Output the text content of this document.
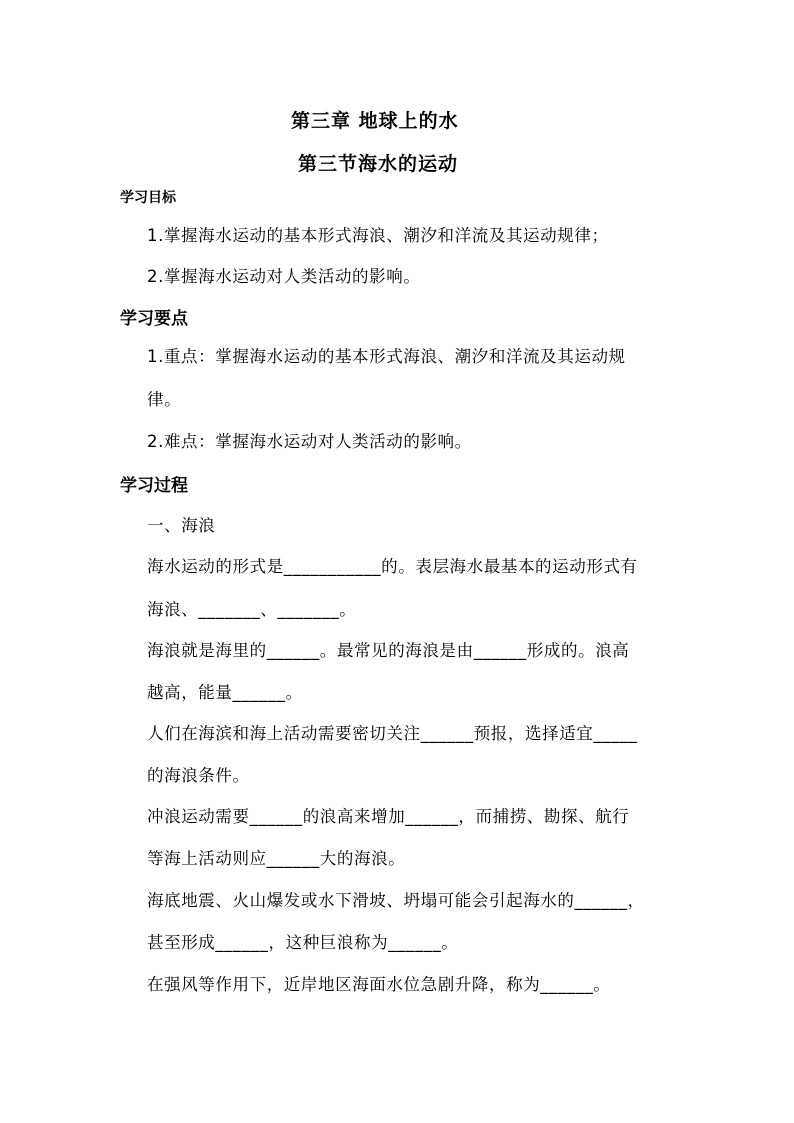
第三章 地球上的水
第三节海水的运动
学习目标
1.掌握海水运动的基本形式海浪、潮汐和洋流及其运动规律；
2.掌握海水运动对人类活动的影响。
学习要点
1.重点：掌握海水运动的基本形式海浪、潮汐和洋流及其运动规
律。
2.难点：掌握海水运动对人类活动的影响。
学习过程
一、海浪
海水运动的形式是___________的。表层海水最基本的运动形式有
海浪、_______、_______。
海浪就是海里的______。最常见的海浪是由______形成的。浪高
越高，能量______。
人们在海滨和海上活动需要密切关注______预报，选择适宜_____
的海浪条件。
冲浪运动需要______的浪高来增加______，而捕捞、勘探、航行
等海上活动则应______大的海浪。
海底地震、火山爆发或水下滑坡、坍塌可能会引起海水的______，
甚至形成______，这种巨浪称为______。
在强风等作用下，近岸地区海面水位急剧升降，称为______。
